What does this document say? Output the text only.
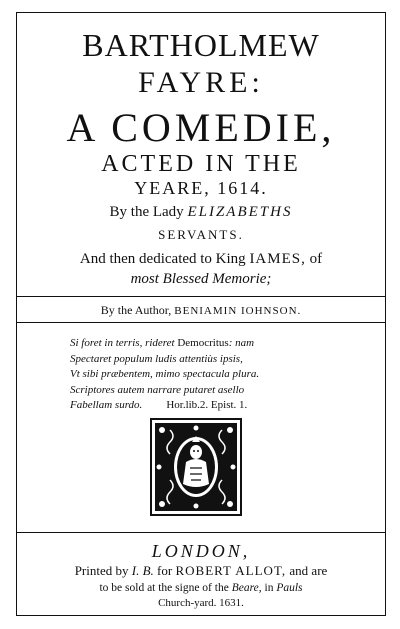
BARTHOLMEW
FAYRE:
A COMEDIE,
ACTED IN THE
YEARE, 1614.
By the Lady ELIZABETHS
SERVANTS.
And then dedicated to King IAMES, of
most Blessed Memorie;
By the Author, BENIAMIN IOHNSON.
Si foret in terris, rideret Democritus: nam
Spectaret populum ludis attentiùs ipsis,
Vt sibi præbentem, mimo spectacula plura.
Scriptores autem narrare putaret asello
Fabellam surdo. Hor.lib.2. Epist. 1.
LONDON,
Printed by I. B. for ROBERT ALLOT, and are
to be sold at the signe of the Beare, in Pauls
Church-yard. 1631.
